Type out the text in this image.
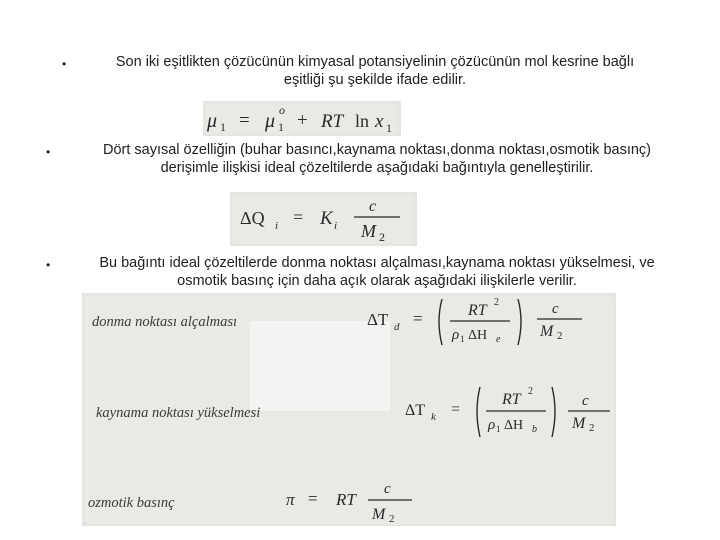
•	Son iki eşitlikten çözücünün kimyasal potansiyelinin çözücünün mol kesrine bağlı
eşitliği şu şekilde ifade edilir.
μ 1 = μ o
1 + RT ln x 1
•	Dört sayısal özelliğin (buhar basıncı,kaynama noktası,donma noktası,osmotik basınç)
derişimle ilişkisi ideal çözeltilerde aşağıdaki bağıntıyla genelleştirilir.
ΔQ i = K i
c
M 2
•	Bu bağıntı ideal çözeltilerde donma noktası alçalması,kaynama noktası yükselmesi, ve
osmotik basınç için daha açık olarak aşağıdaki ilişkilerle verilir.
donma noktası alçalması	ΔT d =	RT 2
ρ 1 ΔH e
c
M 2
kaynama noktası yükselmesi	ΔT k =
RT 2
ρ 1 ΔH b
c
M 2
ozmotik basınç	π = RT
c
M 2
